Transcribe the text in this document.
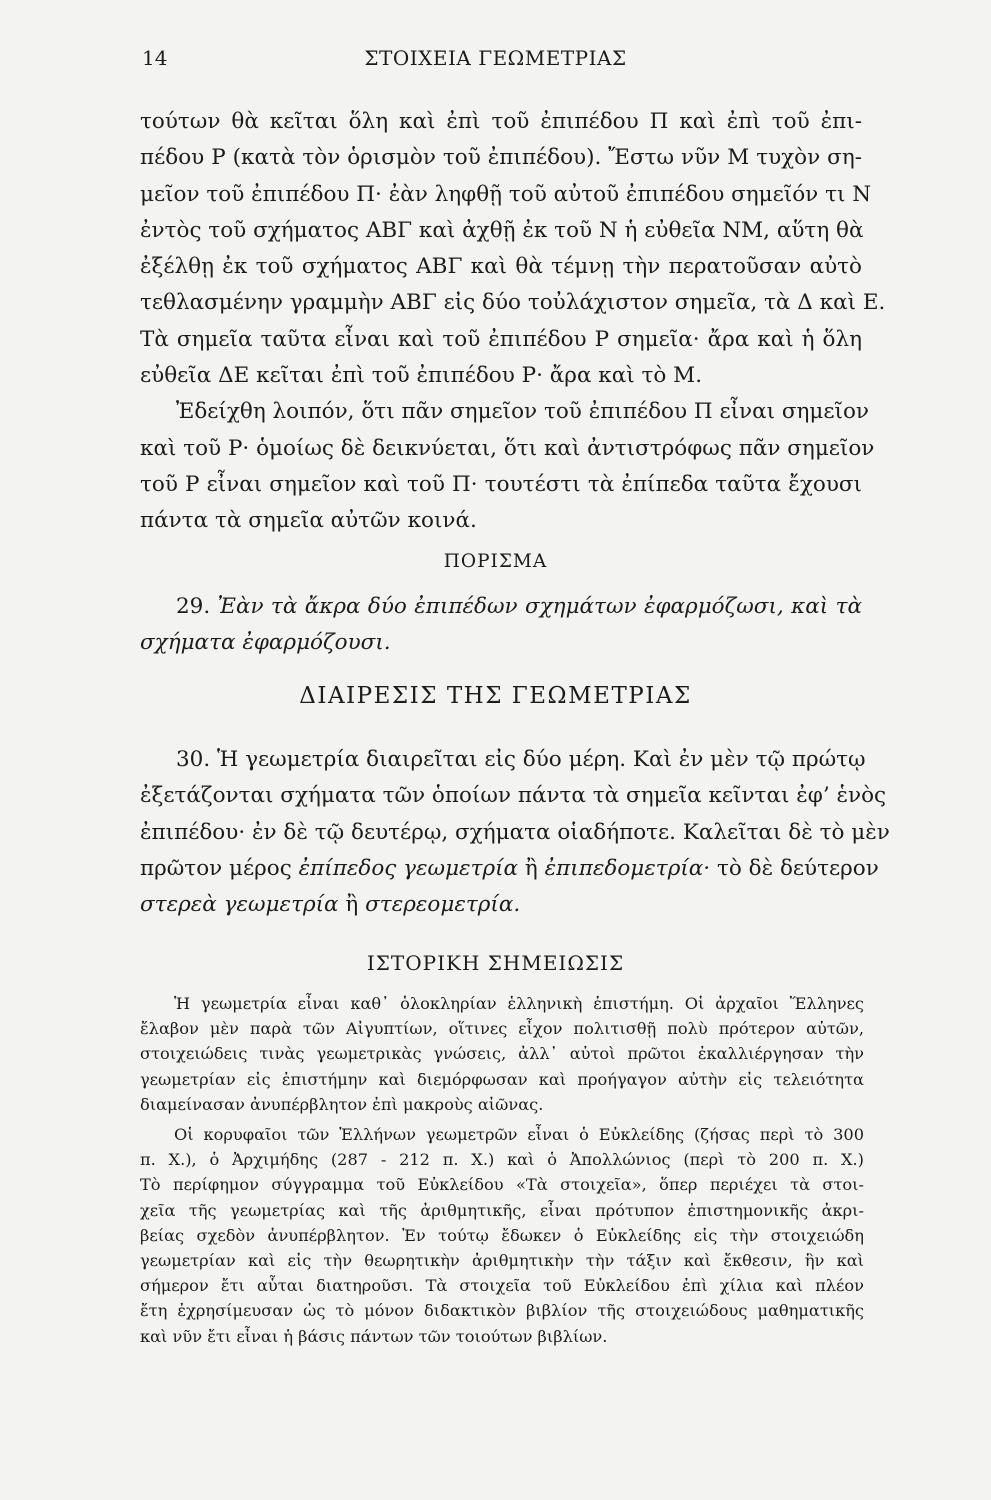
14	ΣΤΟΙΧΕΙΑ ΓΕΩΜΕΤΡΙΑΣ
τούτων θὰ κεῖται ὅλη καὶ ἐπὶ τοῦ ἐπιπέδου Π καὶ ἐπὶ τοῦ ἐπι-
πέδου Ρ (κατὰ τὸν ὁρισμὸν τοῦ ἐπιπέδου). Ἔστω νῦν Μ τυχὸν ση-
μεῖον τοῦ ἐπιπέδου Π· ἐὰν ληφθῇ τοῦ αὐτοῦ ἐπιπέδου σημεῖόν τι Ν
ἐντὸς τοῦ σχήματος ΑΒΓ καὶ ἀχθῇ ἐκ τοῦ Ν ἡ εὐθεῖα ΝΜ, αὕτη θὰ
ἐξέλθῃ ἐκ τοῦ σχήματος ΑΒΓ καὶ θὰ τέμνῃ τὴν περατοῦσαν αὐτὸ
τεθλασμένην γραμμὴν ΑΒΓ εἰς δύο τοὐλάχιστον σημεῖα, τὰ Δ καὶ Ε.
Τὰ σημεῖα ταῦτα εἶναι καὶ τοῦ ἐπιπέδου Ρ σημεῖα· ἄρα καὶ ἡ ὅλη
εὐθεῖα ΔΕ κεῖται ἐπὶ τοῦ ἐπιπέδου Ρ· ἄρα καὶ τὸ Μ.
Ἐδείχθη λοιπόν, ὅτι πᾶν σημεῖον τοῦ ἐπιπέδου Π εἶναι σημεῖον
καὶ τοῦ Ρ· ὁμοίως δὲ δεικνύεται, ὅτι καὶ ἀντιστρόφως πᾶν σημεῖον
τοῦ Ρ εἶναι σημεῖον καὶ τοῦ Π· τουτέστι τὰ ἐπίπεδα ταῦτα ἔχουσι
πάντα τὰ σημεῖα αὐτῶν κοινά.
ΠΟΡΙΣΜΑ
29. Ἐὰν τὰ ἄκρα δύο ἐπιπέδων σχημάτων ἐφαρμόζωσι, καὶ τὰ
σχήματα ἐφαρμόζουσι.
ΔΙΑΙΡΕΣΙΣ ΤΗΣ ΓΕΩΜΕΤΡΙΑΣ
30. Ἡ γεωμετρία διαιρεῖται εἰς δύο μέρη. Καὶ ἐν μὲν τῷ πρώτῳ
ἐξετάζονται σχήματα τῶν ὁποίων πάντα τὰ σημεῖα κεῖνται ἐφ’ ἑνὸς
ἐπιπέδου· ἐν δὲ τῷ δευτέρῳ, σχήματα οἱαδήποτε. Καλεῖται δὲ τὸ μὲν
πρῶτον μέρος ἐπίπεδος γεωμετρία ἢ ἐπιπεδομετρία· τὸ δὲ δεύτερον
στερεὰ γεωμετρία ἢ στερεομετρία.
ΙΣΤΟΡΙΚΗ ΣΗΜΕΙΩΣΙΣ
Ἡ γεωμετρία εἶναι καθ᾽ ὁλοκληρίαν ἑλληνικὴ ἐπιστήμη. Οἱ ἀρχαῖοι Ἕλληνες
ἔλαβον μὲν παρὰ τῶν Αἰγυπτίων, οἵτινες εἶχον πολιτισθῇ πολὺ πρότερον αὐτῶν,
στοιχειώδεις τινὰς γεωμετρικὰς γνώσεις, ἀλλ᾽ αὐτοὶ πρῶτοι ἐκαλλιέργησαν τὴν
γεωμετρίαν εἰς ἐπιστήμην καὶ διεμόρφωσαν καὶ προήγαγον αὐτὴν εἰς τελειότητα
διαμείνασαν ἀνυπέρβλητον ἐπὶ μακροὺς αἰῶνας.
Οἱ κορυφαῖοι τῶν Ἑλλήνων γεωμετρῶν εἶναι ὁ Εὐκλείδης (ζήσας περὶ τὸ 300
π. Χ.), ὁ Ἀρχιμήδης (287 - 212 π. Χ.) καὶ ὁ Ἀπολλώνιος (περὶ τὸ 200 π. Χ.)
Τὸ περίφημον σύγγραμμα τοῦ Εὐκλείδου «Τὰ στοιχεῖα», ὅπερ περιέχει τὰ στοι-
χεῖα τῆς γεωμετρίας καὶ τῆς ἀριθμητικῆς, εἶναι πρότυπον ἐπιστημονικῆς ἀκρι-
βείας σχεδὸν ἀνυπέρβλητον. Ἐν τούτῳ ἔδωκεν ὁ Εὐκλείδης εἰς τὴν στοιχειώδη
γεωμετρίαν καὶ εἰς τὴν θεωρητικὴν ἀριθμητικὴν τὴν τάξιν καὶ ἔκθεσιν, ἣν καὶ
σήμερον ἔτι αὗται διατηροῦσι. Τὰ στοιχεῖα τοῦ Εὐκλείδου ἐπὶ χίλια καὶ πλέον
ἔτη ἐχρησίμευσαν ὡς τὸ μόνον διδακτικὸν βιβλίον τῆς στοιχειώδους μαθηματικῆς
καὶ νῦν ἔτι εἶναι ἡ βάσις πάντων τῶν τοιούτων βιβλίων.
